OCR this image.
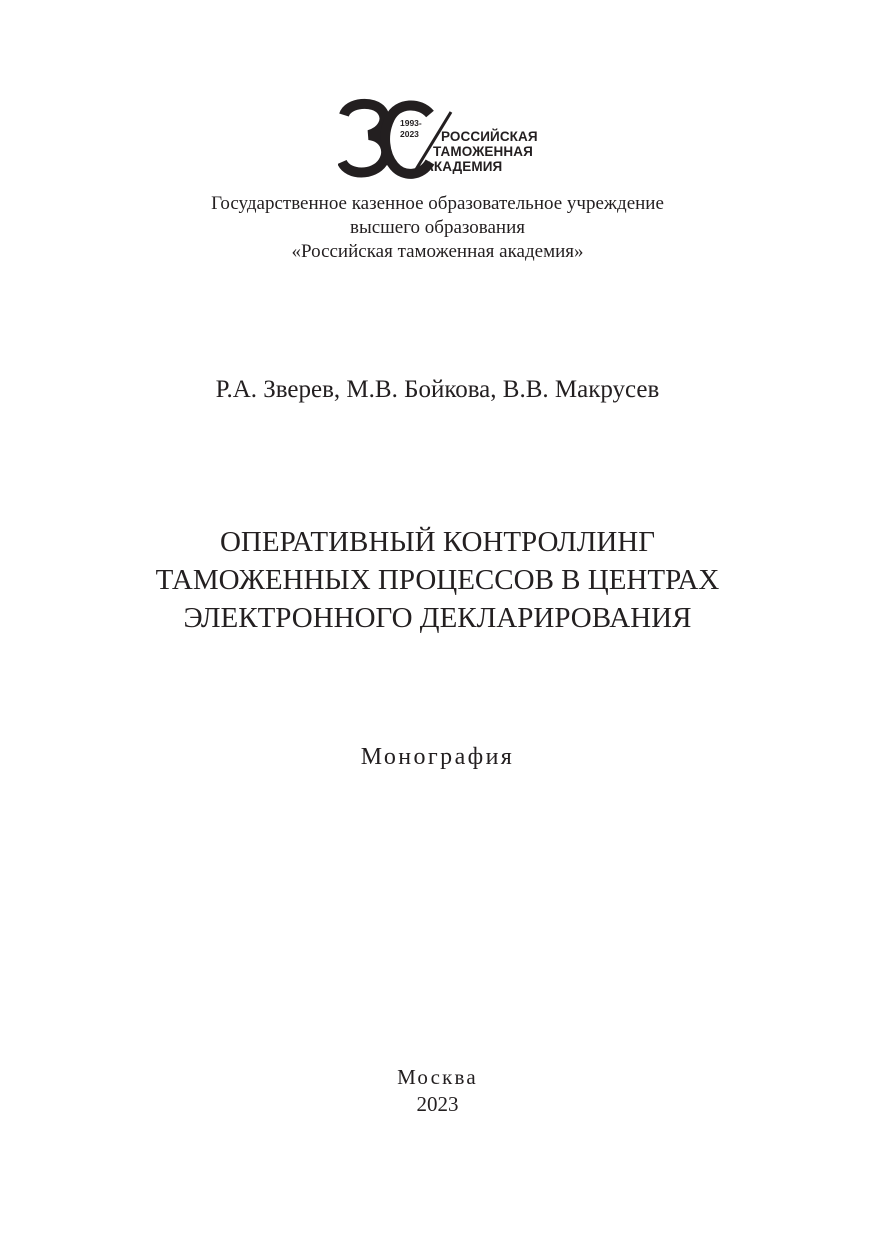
1993-
2023 РОССИЙСКАЯ
ТАМОЖЕННАЯ
АКАДЕМИЯ
Государственное казенное образовательное учреждение
высшего образования
«Российская таможенная академия»
Р.А. Зверев, М.В. Бойкова, В.В. Макрусев
ОПЕРАТИВНЫЙ КОНТРОЛЛИНГ
ТАМОЖЕННЫХ ПРОЦЕССОВ В ЦЕНТРАХ
ЭЛЕКТРОННОГО ДЕКЛАРИРОВАНИЯ
Монография
Москва
2023
